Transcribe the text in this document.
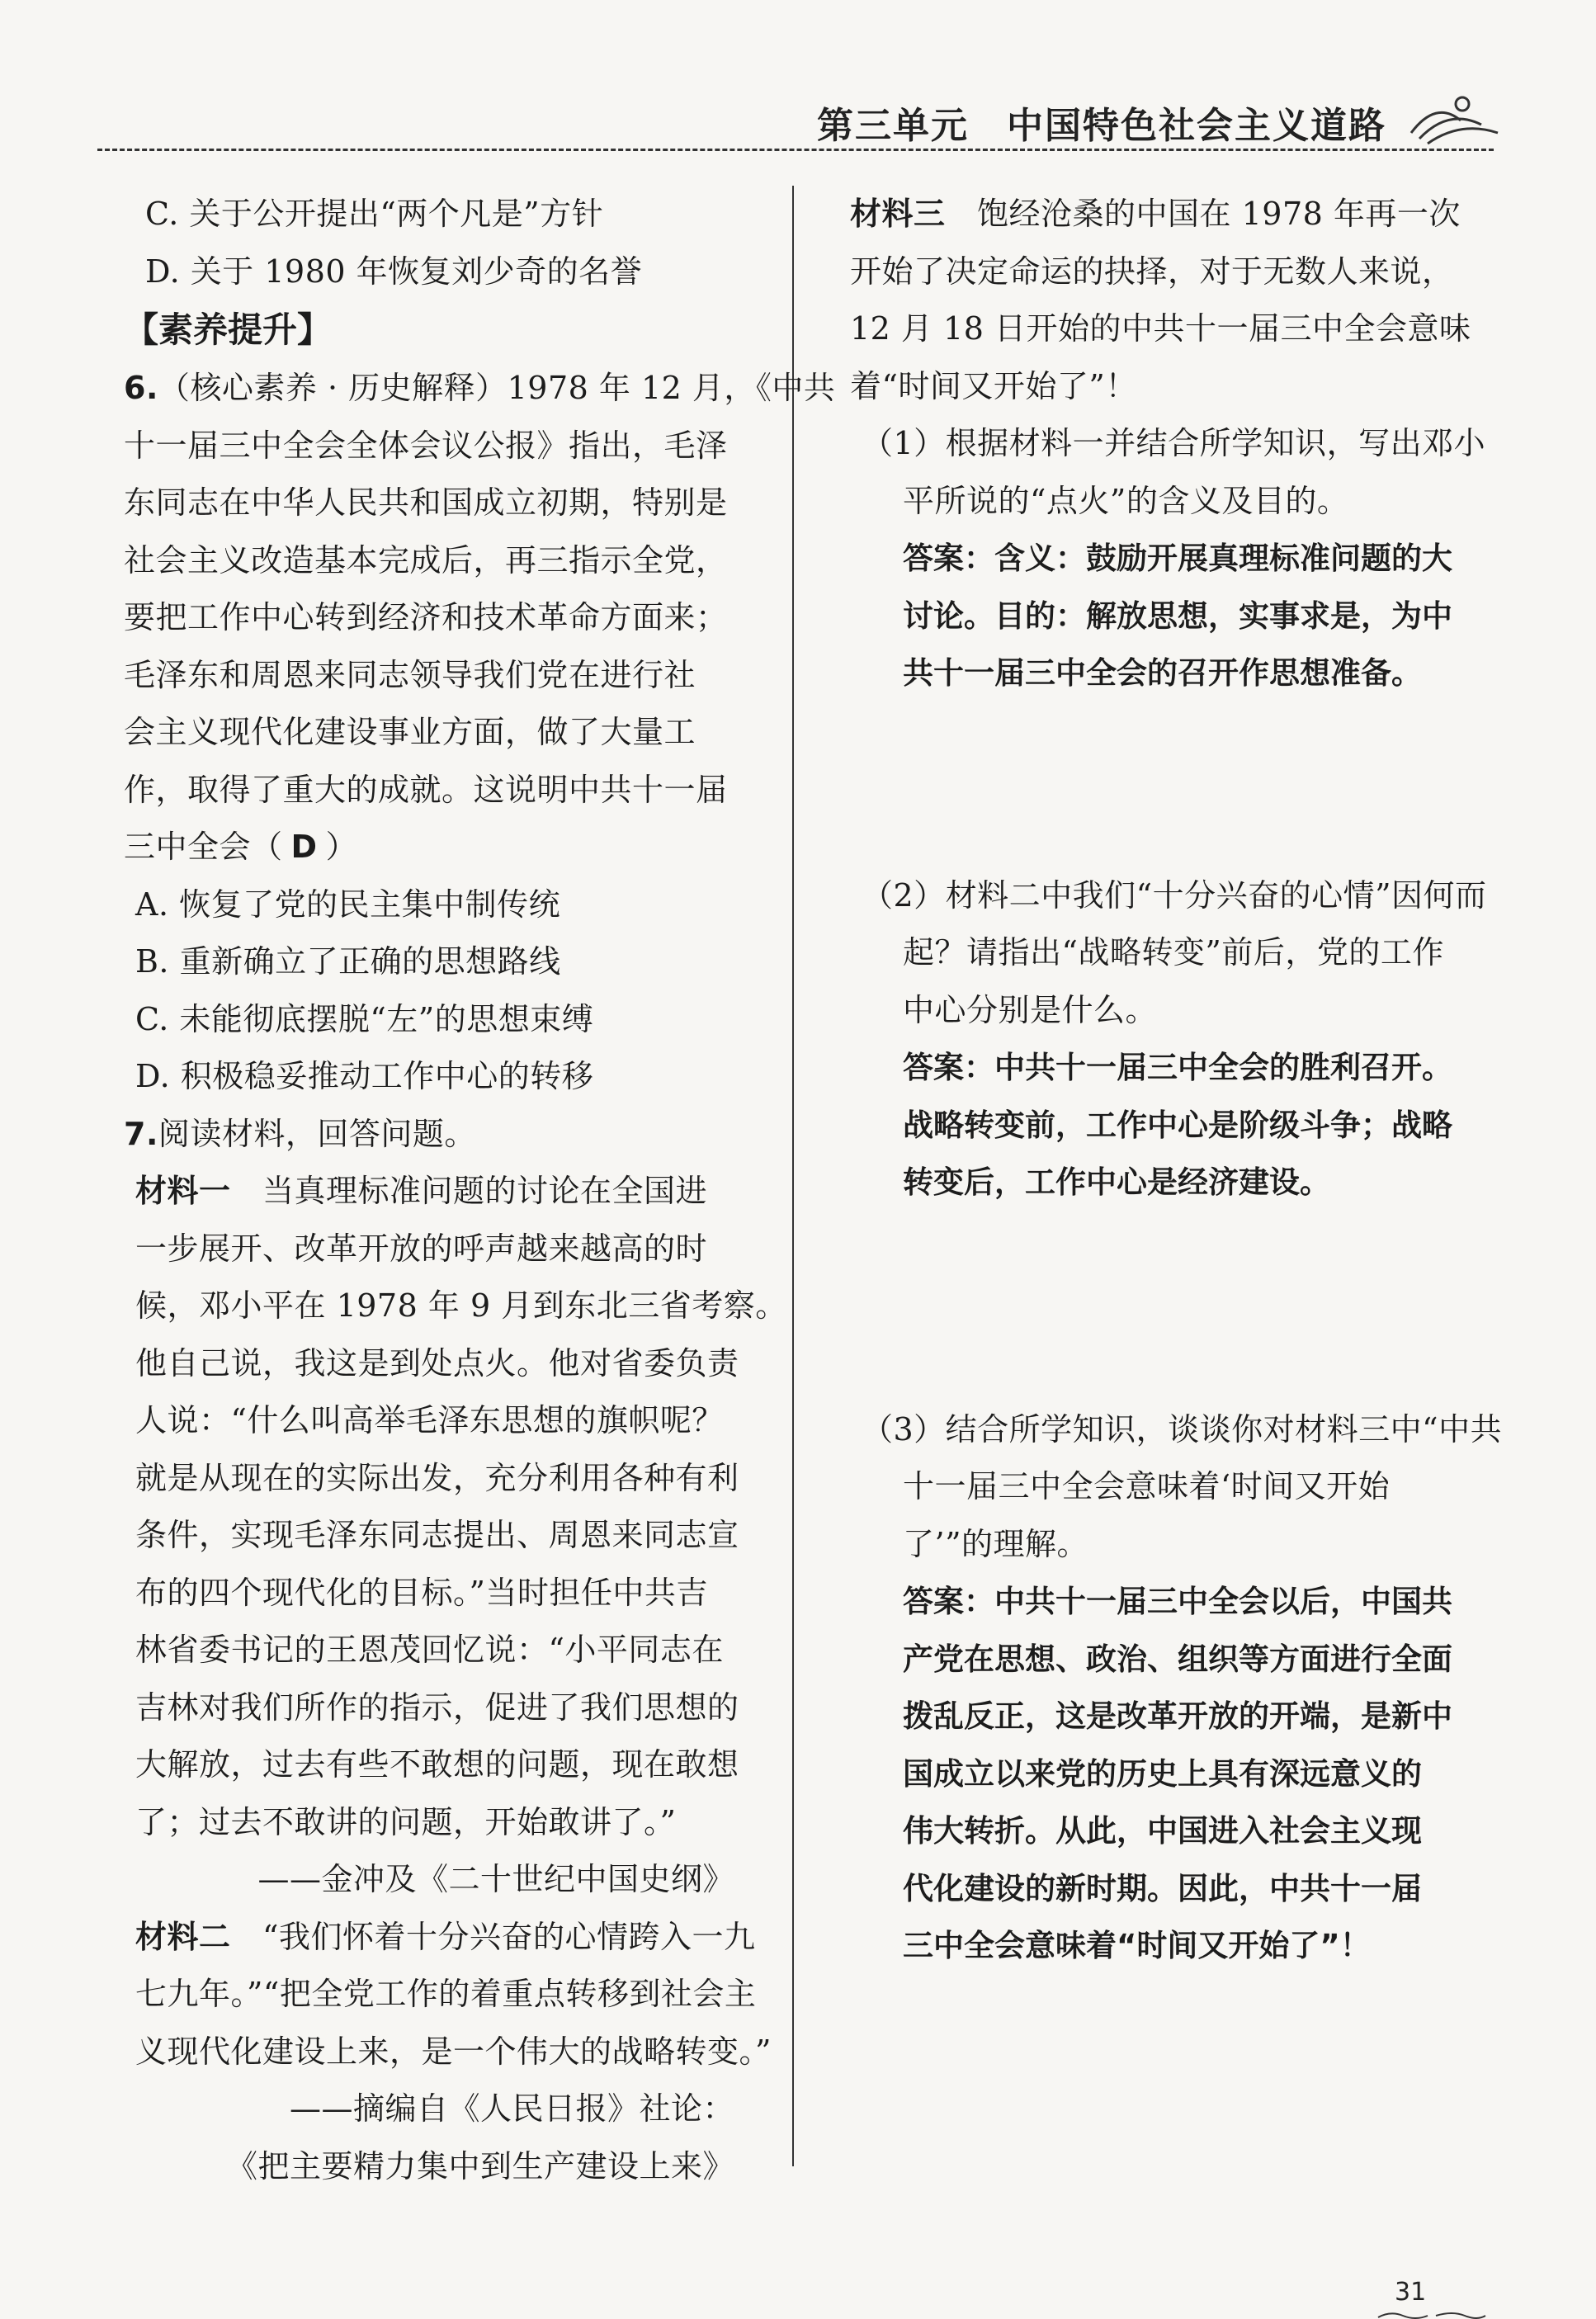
第三单元　中国特色社会主义道路
C. 关于公开提出“两个凡是”方针
D. 关于 1980 年恢复刘少奇的名誉
【素养提升】
6.（核心素养 · 历史解释）1978 年 12 月，《中共
十一届三中全会全体会议公报》指出，毛泽
东同志在中华人民共和国成立初期，特别是
社会主义改造基本完成后，再三指示全党，
要把工作中心转到经济和技术革命方面来；
毛泽东和周恩来同志领导我们党在进行社
会主义现代化建设事业方面，做了大量工
作，取得了重大的成就。这说明中共十一届
三中全会（ D ）
A. 恢复了党的民主集中制传统
B. 重新确立了正确的思想路线
C. 未能彻底摆脱“左”的思想束缚
D. 积极稳妥推动工作中心的转移
7.阅读材料，回答问题。
材料一　当真理标准问题的讨论在全国进
一步展开、改革开放的呼声越来越高的时
候，邓小平在 1978 年 9 月到东北三省考察。
他自己说，我这是到处点火。他对省委负责
人说：“什么叫高举毛泽东思想的旗帜呢？
就是从现在的实际出发，充分利用各种有利
条件，实现毛泽东同志提出、周恩来同志宣
布的四个现代化的目标。”当时担任中共吉
林省委书记的王恩茂回忆说：“小平同志在
吉林对我们所作的指示，促进了我们思想的
大解放，过去有些不敢想的问题，现在敢想
了；过去不敢讲的问题，开始敢讲了。”
——金冲及《二十世纪中国史纲》
材料二　“我们怀着十分兴奋的心情跨入一九
七九年。”“把全党工作的着重点转移到社会主
义现代化建设上来，是一个伟大的战略转变。”
——摘编自《人民日报》社论：
《把主要精力集中到生产建设上来》
材料三　饱经沧桑的中国在 1978 年再一次
开始了决定命运的抉择，对于无数人来说，
12 月 18 日开始的中共十一届三中全会意味
着“时间又开始了”！
（1）根据材料一并结合所学知识，写出邓小
平所说的“点火”的含义及目的。
答案：含义：鼓励开展真理标准问题的大
讨论。目的：解放思想，实事求是，为中
共十一届三中全会的召开作思想准备。
（2）材料二中我们“十分兴奋的心情”因何而
起？请指出“战略转变”前后，党的工作
中心分别是什么。
答案：中共十一届三中全会的胜利召开。
战略转变前，工作中心是阶级斗争；战略
转变后，工作中心是经济建设。
（3）结合所学知识，谈谈你对材料三中“中共
十一届三中全会意味着‘时间又开始
了’”的理解。
答案：中共十一届三中全会以后，中国共
产党在思想、政治、组织等方面进行全面
拨乱反正，这是改革开放的开端，是新中
国成立以来党的历史上具有深远意义的
伟大转折。从此，中国进入社会主义现
代化建设的新时期。因此，中共十一届
三中全会意味着“时间又开始了”！
31
